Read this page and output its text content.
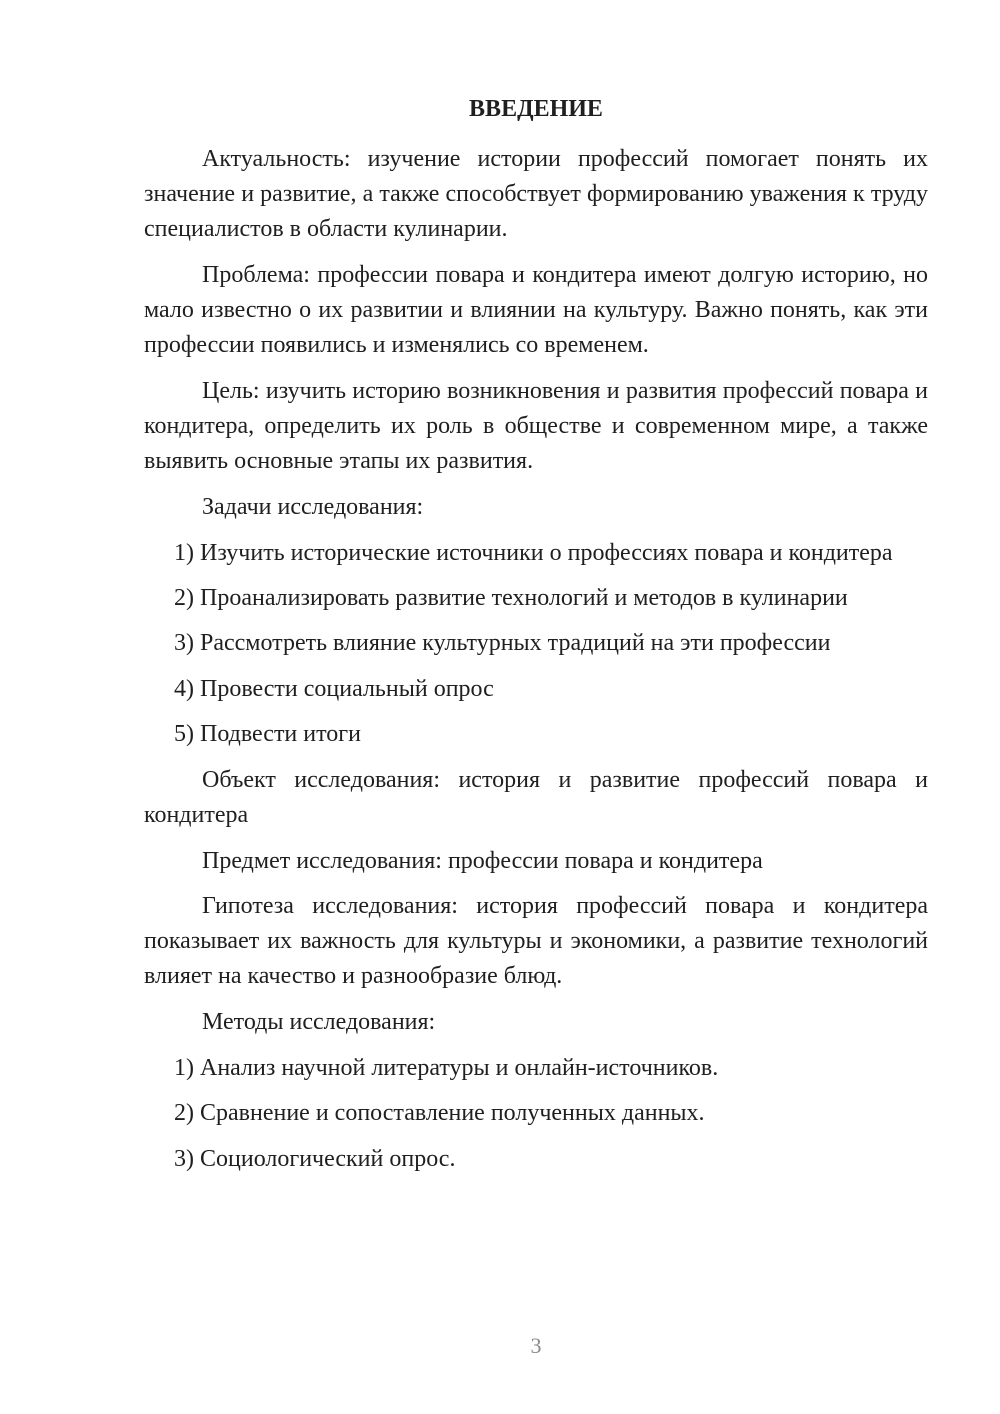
ВВЕДЕНИЕ

Актуальность: изучение истории профессий помогает понять их значение и развитие, а также способствует формированию уважения к труду специалистов в области кулинарии.

Проблема: профессии повара и кондитера имеют долгую историю, но мало известно о их развитии и влиянии на культуру. Важно понять, как эти профессии появились и изменялись со временем.

Цель: изучить историю возникновения и развития профессий повара и кондитера, определить их роль в обществе и современном мире, а также выявить основные этапы их развития.

Задачи исследования:

1) Изучить исторические источники о профессиях повара и кондитера

2) Проанализировать развитие технологий и методов в кулинарии

3) Рассмотреть влияние культурных традиций на эти профессии

4) Провести социальный опрос

5) Подвести итоги

Объект исследования: история и развитие профессий повара и кондитера

Предмет исследования: профессии повара и кондитера

Гипотеза исследования: история профессий повара и кондитера показывает их важность для культуры и экономики, а развитие технологий влияет на качество и разнообразие блюд.

Методы исследования:

1) Анализ научной литературы и онлайн-источников.

2) Сравнение и сопоставление полученных данных.

3) Социологический опрос.

3
